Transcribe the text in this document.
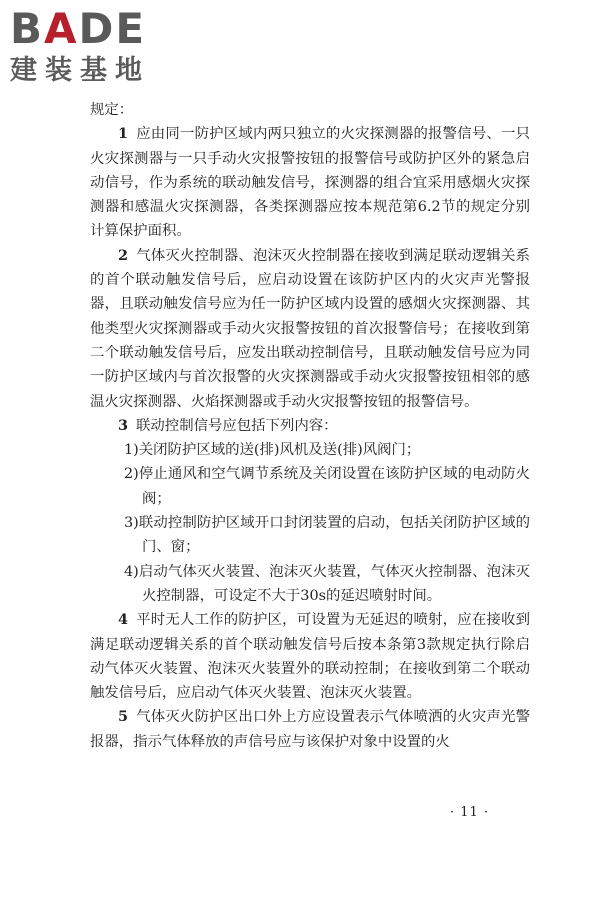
BADE
建装基地

规定：

1 应由同一防护区域内两只独立的火灾探测器的报警信号、一只火灾探测器与一只手动火灾报警按钮的报警信号或防护区外的紧急启动信号，作为系统的联动触发信号，探测器的组合宜采用感烟火灾探测器和感温火灾探测器，各类探测器应按本规范第6.2节的规定分别计算保护面积。

2 气体灭火控制器、泡沫灭火控制器在接收到满足联动逻辑关系的首个联动触发信号后，应启动设置在该防护区内的火灾声光警报器，且联动触发信号应为任一防护区域内设置的感烟火灾探测器、其他类型火灾探测器或手动火灾报警按钮的首次报警信号；在接收到第二个联动触发信号后，应发出联动控制信号，且联动触发信号应为同一防护区域内与首次报警的火灾探测器或手动火灾报警按钮相邻的感温火灾探测器、火焰探测器或手动火灾报警按钮的报警信号。

3 联动控制信号应包括下列内容：

1)关闭防护区域的送(排)风机及送(排)风阀门；

2)停止通风和空气调节系统及关闭设置在该防护区域的电动防火阀；

3)联动控制防护区域开口封闭装置的启动，包括关闭防护区域的门、窗；

4)启动气体灭火装置、泡沫灭火装置，气体灭火控制器、泡沫灭火控制器，可设定不大于30s的延迟喷射时间。

4 平时无人工作的防护区，可设置为无延迟的喷射，应在接收到满足联动逻辑关系的首个联动触发信号后按本条第3款规定执行除启动气体灭火装置、泡沫灭火装置外的联动控制；在接收到第二个联动触发信号后，应启动气体灭火装置、泡沫灭火装置。

5 气体灭火防护区出口外上方应设置表示气体喷洒的火灾声光警报器，指示气体释放的声信号应与该保护对象中设置的火

· 11 ·
